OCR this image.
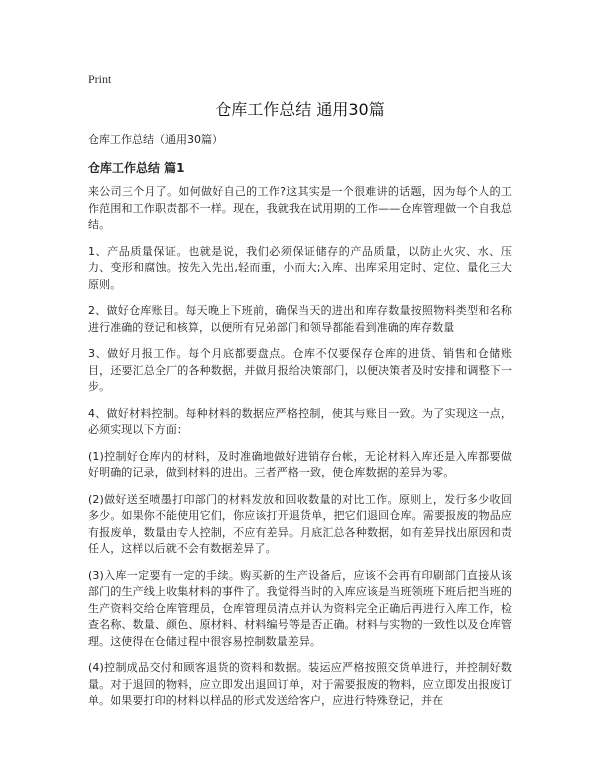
Print
仓库工作总结 通用30篇

仓库工作总结（通用30篇）

仓库工作总结 篇1

来公司三个月了。如何做好自己的工作?这其实是一个很难讲的话题，因为每个人的工作范围和工作职责都不一样。现在，我就我在试用期的工作——仓库管理做一个自我总结。

1、产品质量保证。也就是说，我们必须保证储存的产品质量，以防止火灾、水、压力、变形和腐蚀。按先入先出,轻而重，小而大;入库、出库采用定时、定位、量化三大原则。

2、做好仓库账目。每天晚上下班前，确保当天的进出和库存数量按照物料类型和名称进行准确的登记和核算，以便所有兄弟部门和领导都能看到准确的库存数量

3、做好月报工作。每个月底都要盘点。仓库不仅要保存仓库的进货、销售和仓储账目，还要汇总全厂的各种数据，并做月报给决策部门，以便决策者及时安排和调整下一步。

4、做好材料控制。每种材料的数据应严格控制，使其与账目一致。为了实现这一点，必须实现以下方面：

(1)控制好仓库内的材料，及时准确地做好进销存台帐，无论材料入库还是入库都要做好明确的记录，做到材料的进出。三者严格一致，使仓库数据的差异为零。

(2)做好送至喷墨打印部门的材料发放和回收数量的对比工作。原则上，发行多少收回多少。如果你不能使用它们，你应该打开退货单，把它们退回仓库。需要报废的物品应有报废单，数量由专人控制，不应有差异。月底汇总各种数据，如有差异找出原因和责任人，这样以后就不会有数据差异了。

(3)入库一定要有一定的手续。购买新的生产设备后，应该不会再有印刷部门直接从该部门的生产线上收集材料的事件了。我觉得当时的入库应该是当班领班下班后把当班的生产资料交给仓库管理员，仓库管理员清点并认为资料完全正确后再进行入库工作，检查名称、数量、颜色、原材料、材料编号等是否正确。材料与实物的一致性以及仓库管理。这使得在仓储过程中很容易控制数量差异。

(4)控制成品交付和顾客退货的资料和数据。装运应严格按照交货单进行，并控制好数量。对于退回的物料，应立即发出退回订单，对于需要报废的物料，应立即发出报废订单。如果要打印的材料以样品的形式发送给客户，应进行特殊登记，并在
